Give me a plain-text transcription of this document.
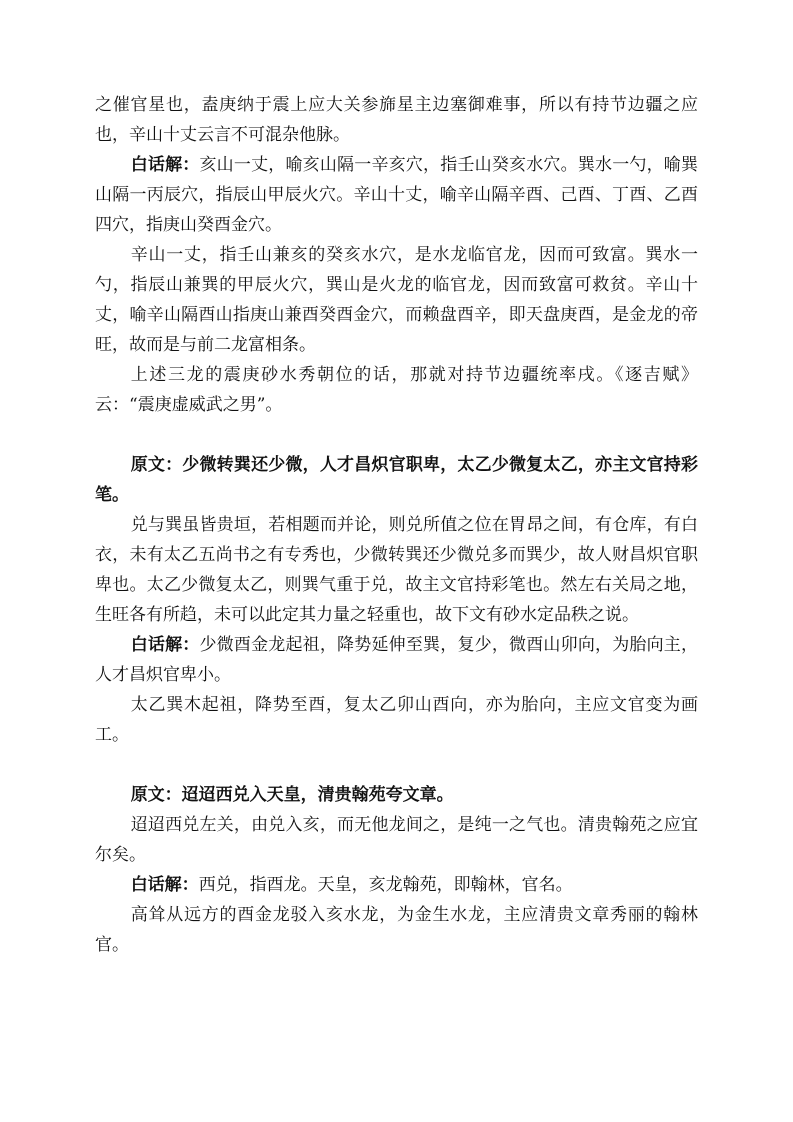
之催官星也，盍庚纳于震上应大关参旆星主边塞御难事，所以有持节边疆之应也，辛山十丈云言不可混杂他脉。

白话解：亥山一丈，喻亥山隔一辛亥穴，指壬山癸亥水穴。巽水一勺，喻巽山隔一丙辰穴，指辰山甲辰火穴。辛山十丈，喻辛山隔辛酉、己酉、丁酉、乙酉四穴，指庚山癸酉金穴。

辛山一丈，指壬山兼亥的癸亥水穴，是水龙临官龙，因而可致富。巽水一勺，指辰山兼巽的甲辰火穴，巽山是火龙的临官龙，因而致富可救贫。辛山十丈，喻辛山隔酉山指庚山兼酉癸酉金穴，而赖盘酉辛，即天盘庚酉，是金龙的帝旺，故而是与前二龙富相条。

上述三龙的震庚砂水秀朝位的话，那就对持节边疆统率戌。《逐吉赋》云：“震庚虚威武之男”。

原文：少微转巽还少微，人才昌炽官职卑，太乙少微复太乙，亦主文官持彩笔。

兑与巽虽皆贵垣，若相题而并论，则兑所值之位在胃昂之间，有仓库，有白衣，未有太乙五尚书之有专秀也，少微转巽还少微兑多而巽少，故人财昌炽官职卑也。太乙少微复太乙，则巽气重于兑，故主文官持彩笔也。然左右关局之地，生旺各有所趋，未可以此定其力量之轻重也，故下文有砂水定品秩之说。

白话解：少微酉金龙起祖，降势延伸至巽，复少，微酉山卯向，为胎向主，人才昌炽官卑小。

太乙巽木起祖，降势至酉，复太乙卯山酉向，亦为胎向，主应文官变为画工。

原文：迢迢西兑入天皇，清贵翰苑夸文章。

迢迢西兑左关，由兑入亥，而无他龙间之，是纯一之气也。清贵翰苑之应宜尔矣。

白话解：西兑，指酉龙。天皇，亥龙翰苑，即翰林，官名。

高耸从远方的酉金龙驳入亥水龙，为金生水龙，主应清贵文章秀丽的翰林官。
